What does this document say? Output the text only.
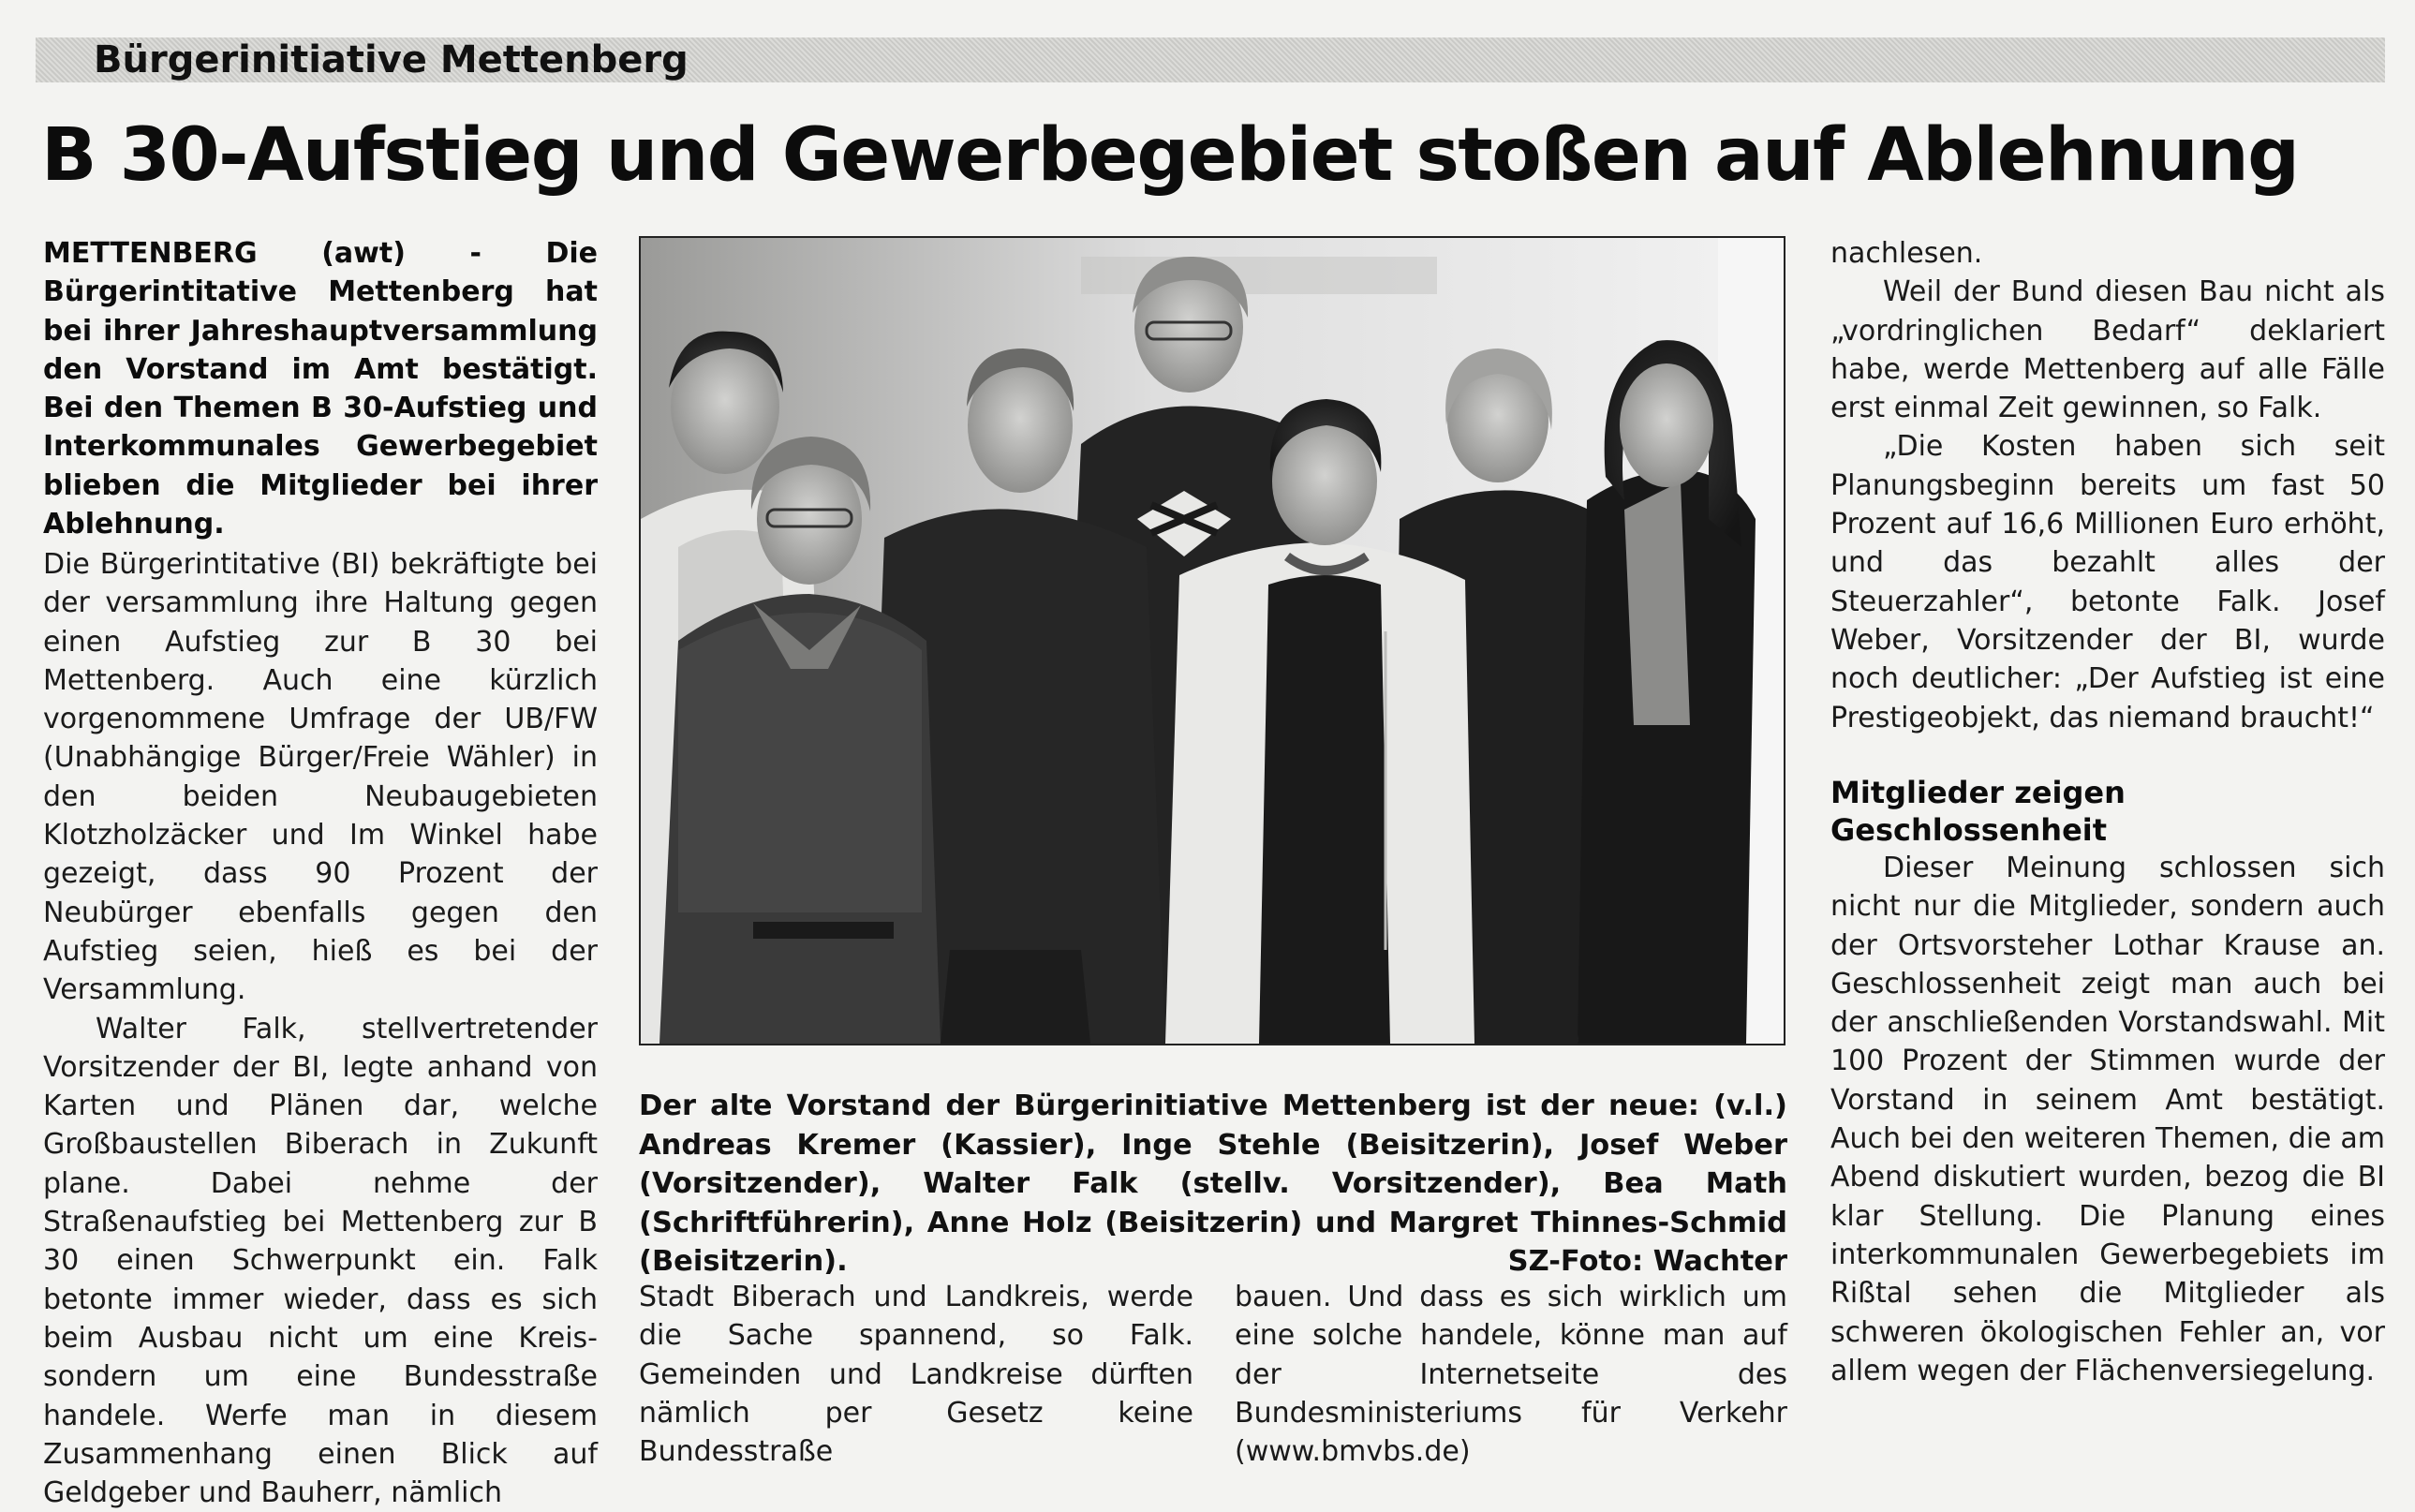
Bürgerinitiative Mettenberg
B 30-Aufstieg und Gewerbegebiet stoßen auf Ablehnung
METTENBERG (awt) - Die Bürgerintitative Mettenberg hat bei ihrer Jahreshauptversammlung den Vorstand im Amt bestätigt. Bei den Themen B 30-Aufstieg und Interkommunales Gewerbegebiet blieben die Mitglieder bei ihrer Ablehnung.

Die Bürgerintitative (BI) bekräftigte bei der versammlung ihre Haltung gegen einen Aufstieg zur B 30 bei Mettenberg. Auch eine kürzlich vorgenommene Umfrage der UB/FW (Unabhängige Bürger/Freie Wähler) in den beiden Neubaugebieten Klotzholzäcker und Im Winkel habe gezeigt, dass 90 Prozent der Neubürger ebenfalls gegen den Aufstieg seien, hieß es bei der Versammlung.

Walter Falk, stellvertretender Vorsitzender der BI, legte anhand von Karten und Plänen dar, welche Großbaustellen Biberach in Zukunft plane. Dabei nehme der Straßenaufstieg bei Mettenberg zur B 30 einen Schwerpunkt ein. Falk betonte immer wieder, dass es sich beim Ausbau nicht um eine Kreis- sondern um eine Bundesstraße handele. Werfe man in diesem Zusammenhang einen Blick auf Geldgeber und Bauherr, nämlich

Der alte Vorstand der Bürgerinitiative Mettenberg ist der neue: (v.l.) Andreas Kremer (Kassier), Inge Stehle (Beisitzerin), Josef Weber (Vorsitzender), Walter Falk (stellv. Vorsitzender), Bea Math (Schriftführerin), Anne Holz (Beisitzerin) und Margret Thinnes-Schmid (Beisitzerin).	SZ-Foto: Wachter

Stadt Biberach und Landkreis, werde die Sache spannend, so Falk. Gemeinden und Landkreise dürften nämlich per Gesetz keine Bundesstraße

bauen. Und dass es sich wirklich um eine solche handele, könne man auf der Internetseite des Bundesministeriums für Verkehr (www.bmvbs.de)

nachlesen.

Weil der Bund diesen Bau nicht als „vordringlichen Bedarf“ deklariert habe, werde Mettenberg auf alle Fälle erst einmal Zeit gewinnen, so Falk.

„Die Kosten haben sich seit Planungsbeginn bereits um fast 50 Prozent auf 16,6 Millionen Euro erhöht, und das bezahlt alles der Steuerzahler“, betonte Falk. Josef Weber, Vorsitzender der BI, wurde noch deutlicher: „Der Aufstieg ist eine Prestigeobjekt, das niemand braucht!“

Mitglieder zeigen Geschlossenheit

Dieser Meinung schlossen sich nicht nur die Mitglieder, sondern auch der Ortsvorsteher Lothar Krause an. Geschlossenheit zeigt man auch bei der anschließenden Vorstandswahl. Mit 100 Prozent der Stimmen wurde der Vorstand in seinem Amt bestätigt. Auch bei den weiteren Themen, die am Abend diskutiert wurden, bezog die BI klar Stellung. Die Planung eines interkommunalen Gewerbegebiets im Rißtal sehen die Mitglieder als schweren ökologischen Fehler an, vor allem wegen der Flächenversiegelung.
